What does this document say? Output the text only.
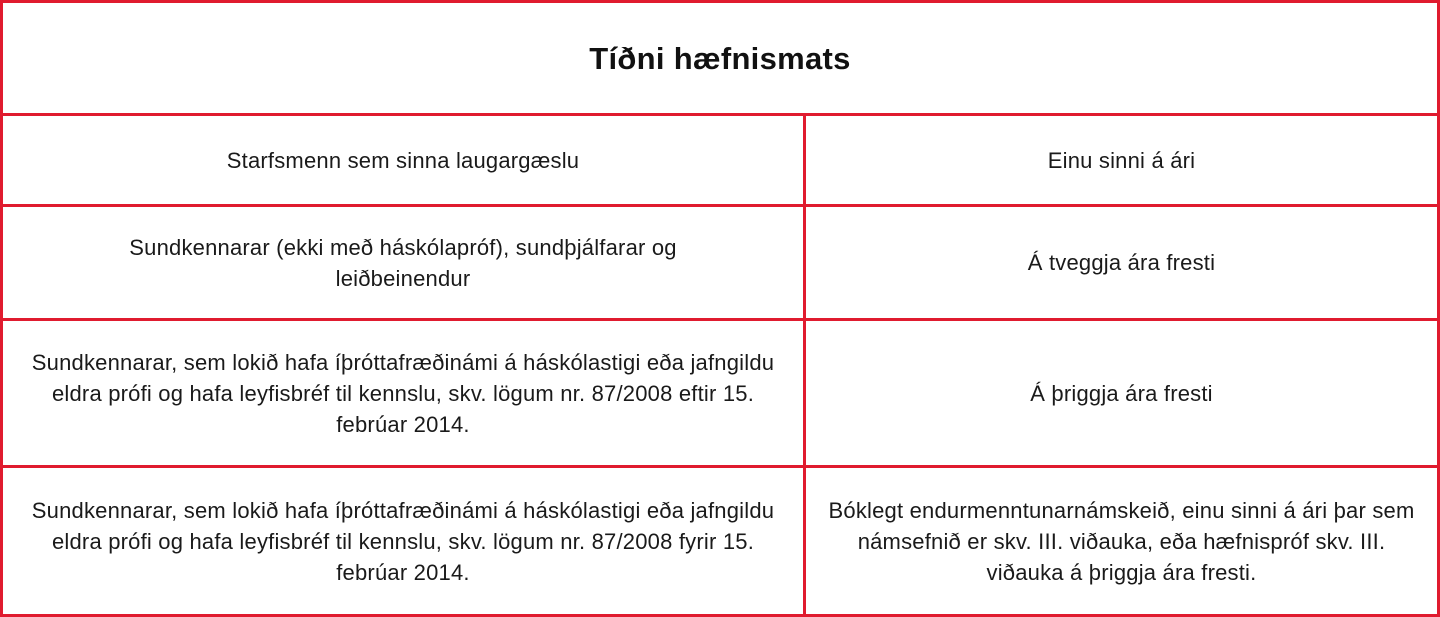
Tíðni hæfnismats
Starfsmenn sem sinna laugargæslu	Einu sinni á ári
Sundkennarar (ekki með háskólapróf), sundþjálfarar og leiðbeinendur
Á tveggja ára fresti
Sundkennarar, sem lokið hafa íþróttafræðinámi á háskólastigi eða jafngildu eldra prófi og hafa leyfisbréf til kennslu, skv. lögum nr. 87/2008 eftir 15. febrúar 2014.
Á þriggja ára fresti
Sundkennarar, sem lokið hafa íþróttafræðinámi á háskólastigi eða jafngildu eldra prófi og hafa leyfisbréf til kennslu, skv. lögum nr. 87/2008 fyrir 15. febrúar 2014.
Bóklegt endurmenntunarnámskeið, einu sinni á ári þar sem námsefnið er skv. III. viðauka, eða hæfnispróf skv. III. viðauka á þriggja ára fresti.
